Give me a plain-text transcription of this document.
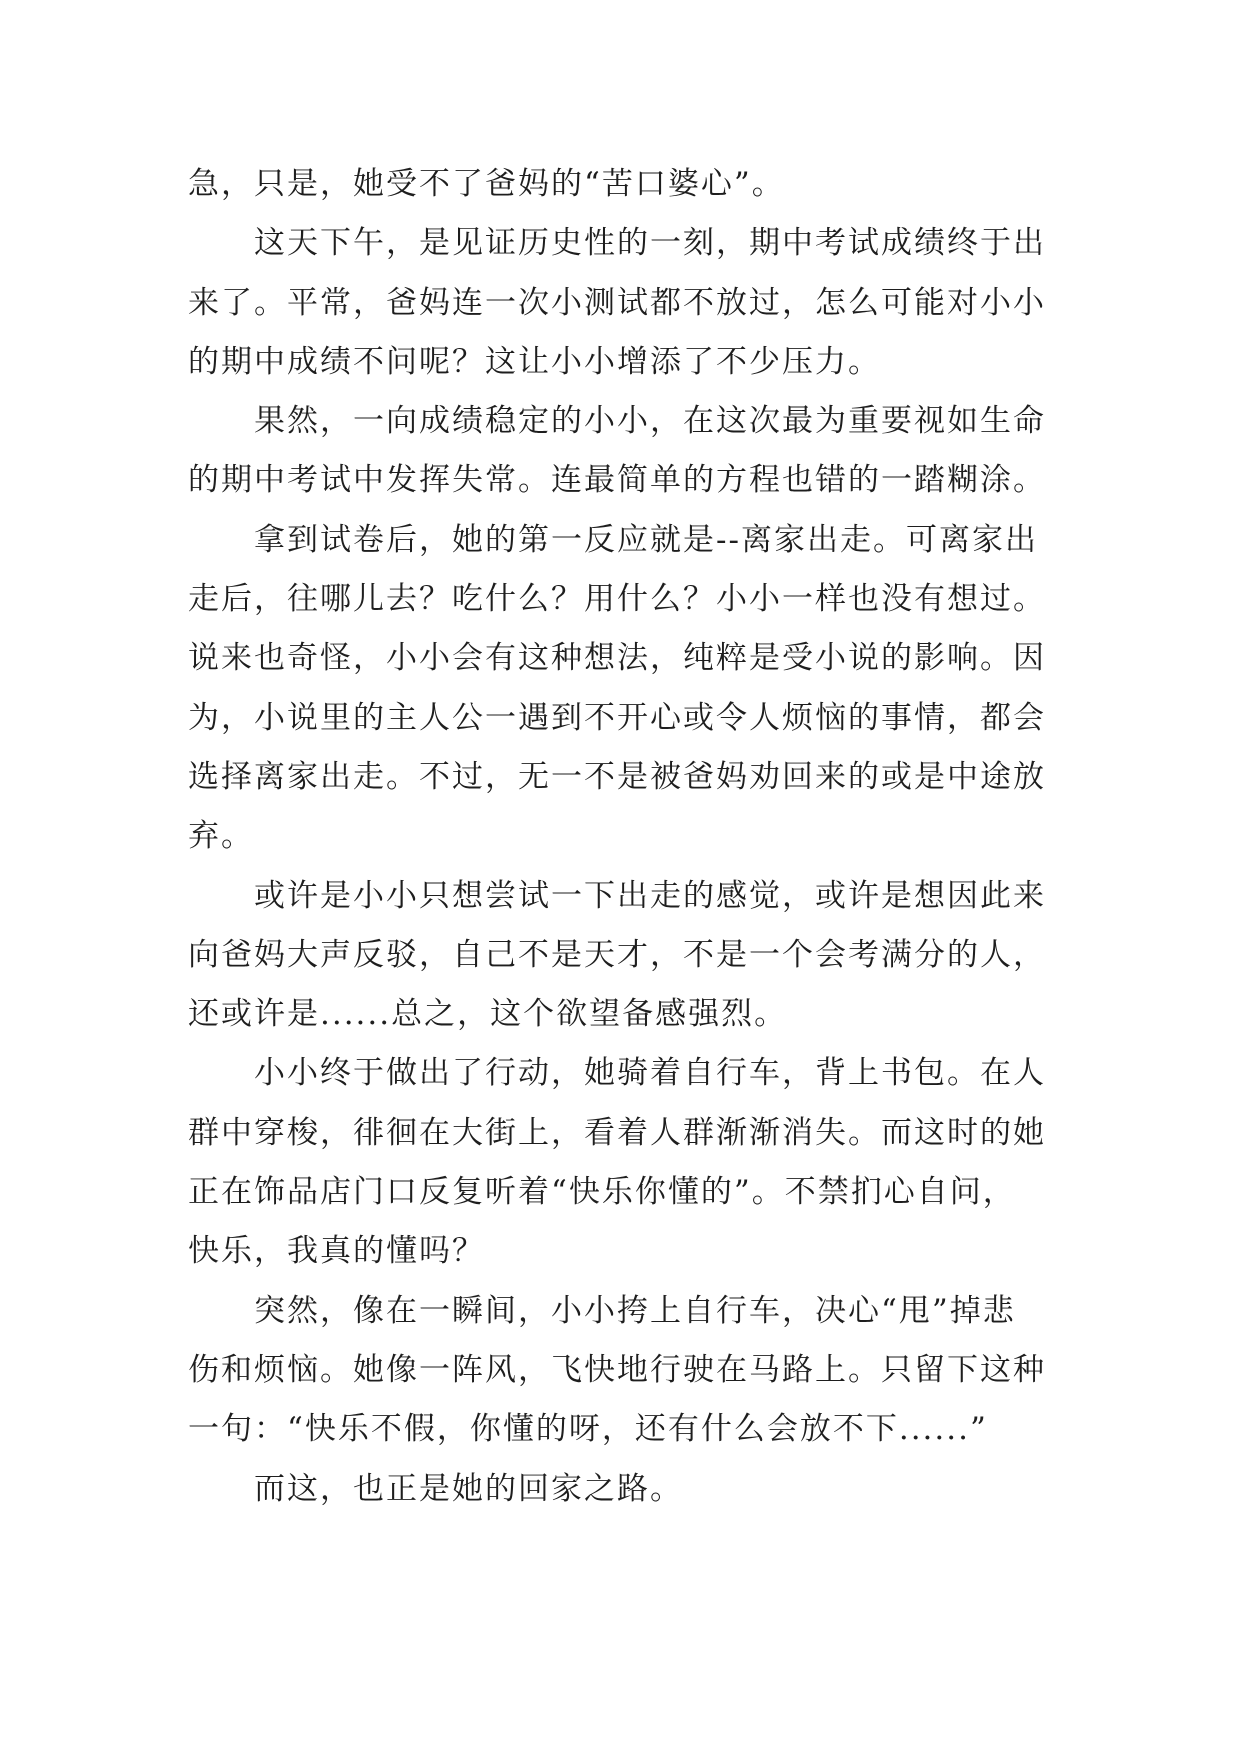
急，只是，她受不了爸妈的“苦口婆心”。
这天下午，是见证历史性的一刻，期中考试成绩终于出
来了。平常，爸妈连一次小测试都不放过，怎么可能对小小
的期中成绩不问呢？这让小小增添了不少压力。
果然，一向成绩稳定的小小，在这次最为重要视如生命
的期中考试中发挥失常。连最简单的方程也错的一踏糊涂。
拿到试卷后，她的第一反应就是--离家出走。可离家出
走后，往哪儿去？吃什么？用什么？小小一样也没有想过。
说来也奇怪，小小会有这种想法，纯粹是受小说的影响。因
为，小说里的主人公一遇到不开心或令人烦恼的事情，都会
选择离家出走。不过，无一不是被爸妈劝回来的或是中途放
弃。
或许是小小只想尝试一下出走的感觉，或许是想因此来
向爸妈大声反驳，自己不是天才，不是一个会考满分的人，
还或许是......总之，这个欲望备感强烈。
小小终于做出了行动，她骑着自行车，背上书包。在人
群中穿梭，徘徊在大街上，看着人群渐渐消失。而这时的她
正在饰品店门口反复听着“快乐你懂的”。不禁扪心自问，
快乐，我真的懂吗？
突然，像在一瞬间，小小挎上自行车，决心“甩”掉悲
伤和烦恼。她像一阵风，飞快地行驶在马路上。只留下这种
一句：“快乐不假，你懂的呀，还有什么会放不下......”
而这，也正是她的回家之路。
